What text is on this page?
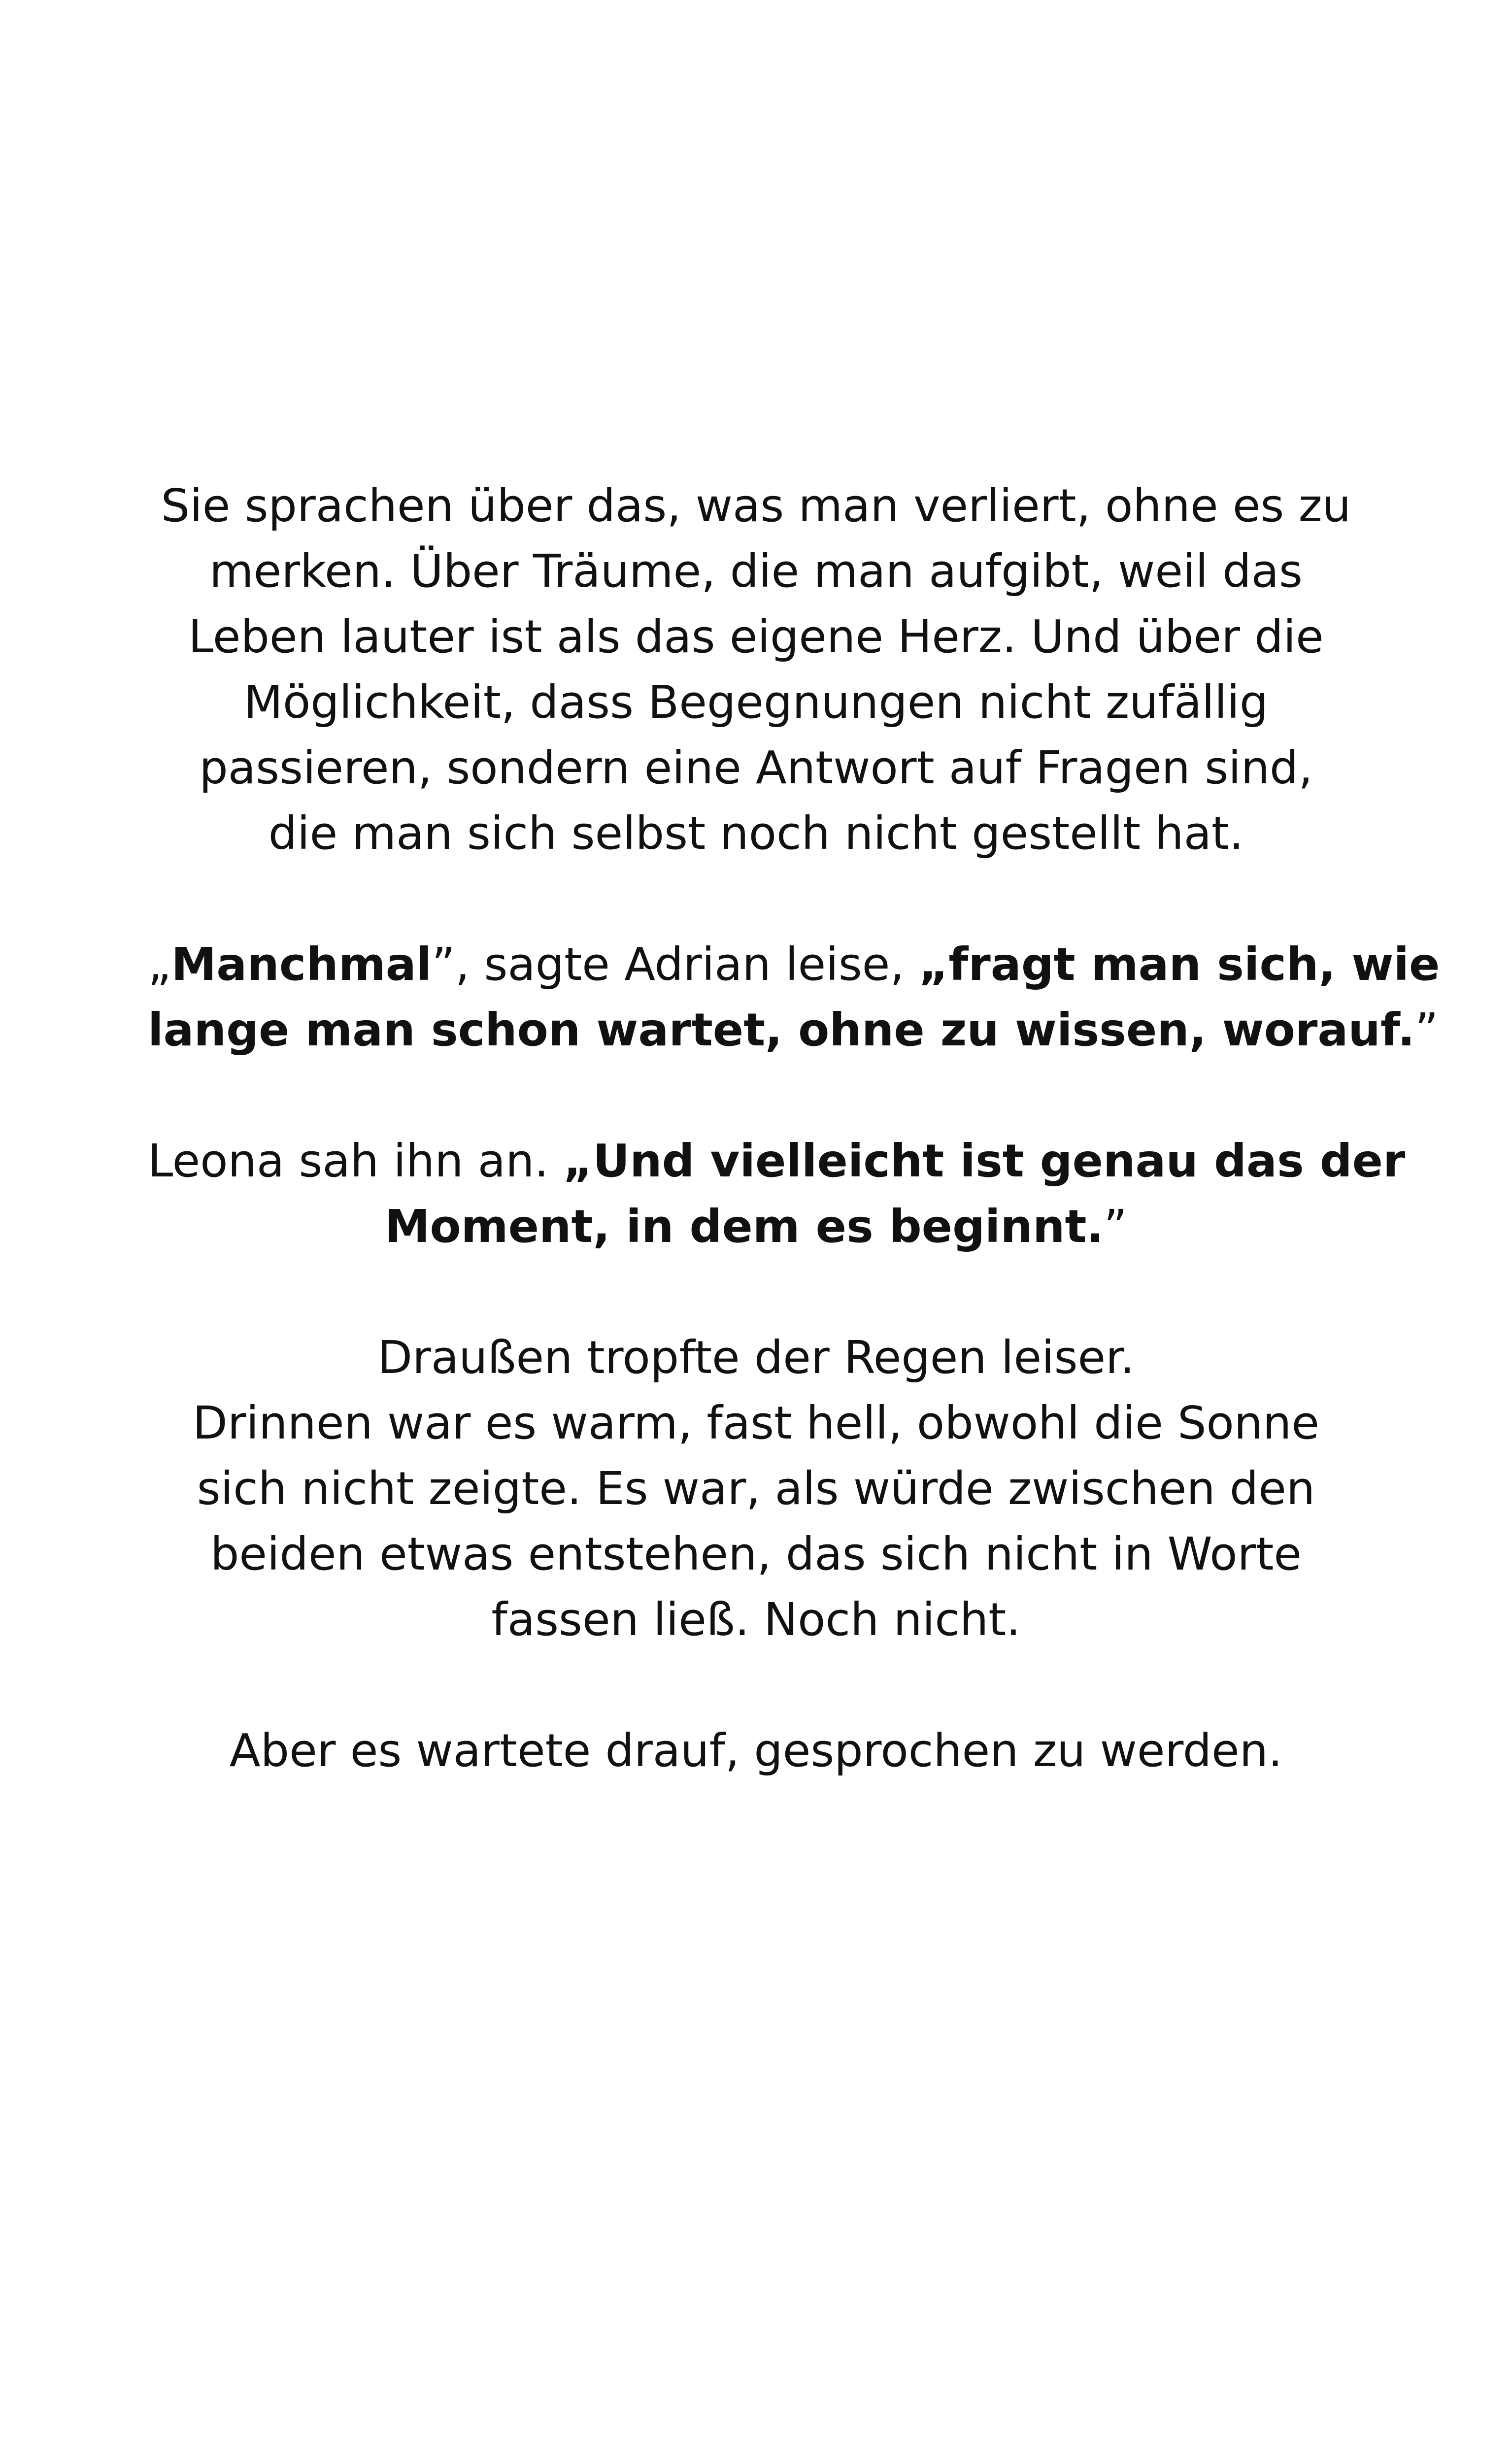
Sie sprachen über das, was man verliert, ohne es zu
merken. Über Träume, die man aufgibt, weil das
Leben lauter ist als das eigene Herz. Und über die
Möglichkeit, dass Begegnungen nicht zufällig
passieren, sondern eine Antwort auf Fragen sind,
die man sich selbst noch nicht gestellt hat.

„Manchmal”, sagte Adrian leise, „fragt man sich, wie
lange man schon wartet, ohne zu wissen, worauf.”

Leona sah ihn an. „Und vielleicht ist genau das der
Moment, in dem es beginnt.”

Draußen tropfte der Regen leiser.
Drinnen war es warm, fast hell, obwohl die Sonne
sich nicht zeigte. Es war, als würde zwischen den
beiden etwas entstehen, das sich nicht in Worte
fassen ließ. Noch nicht.

Aber es wartete drauf, gesprochen zu werden.
